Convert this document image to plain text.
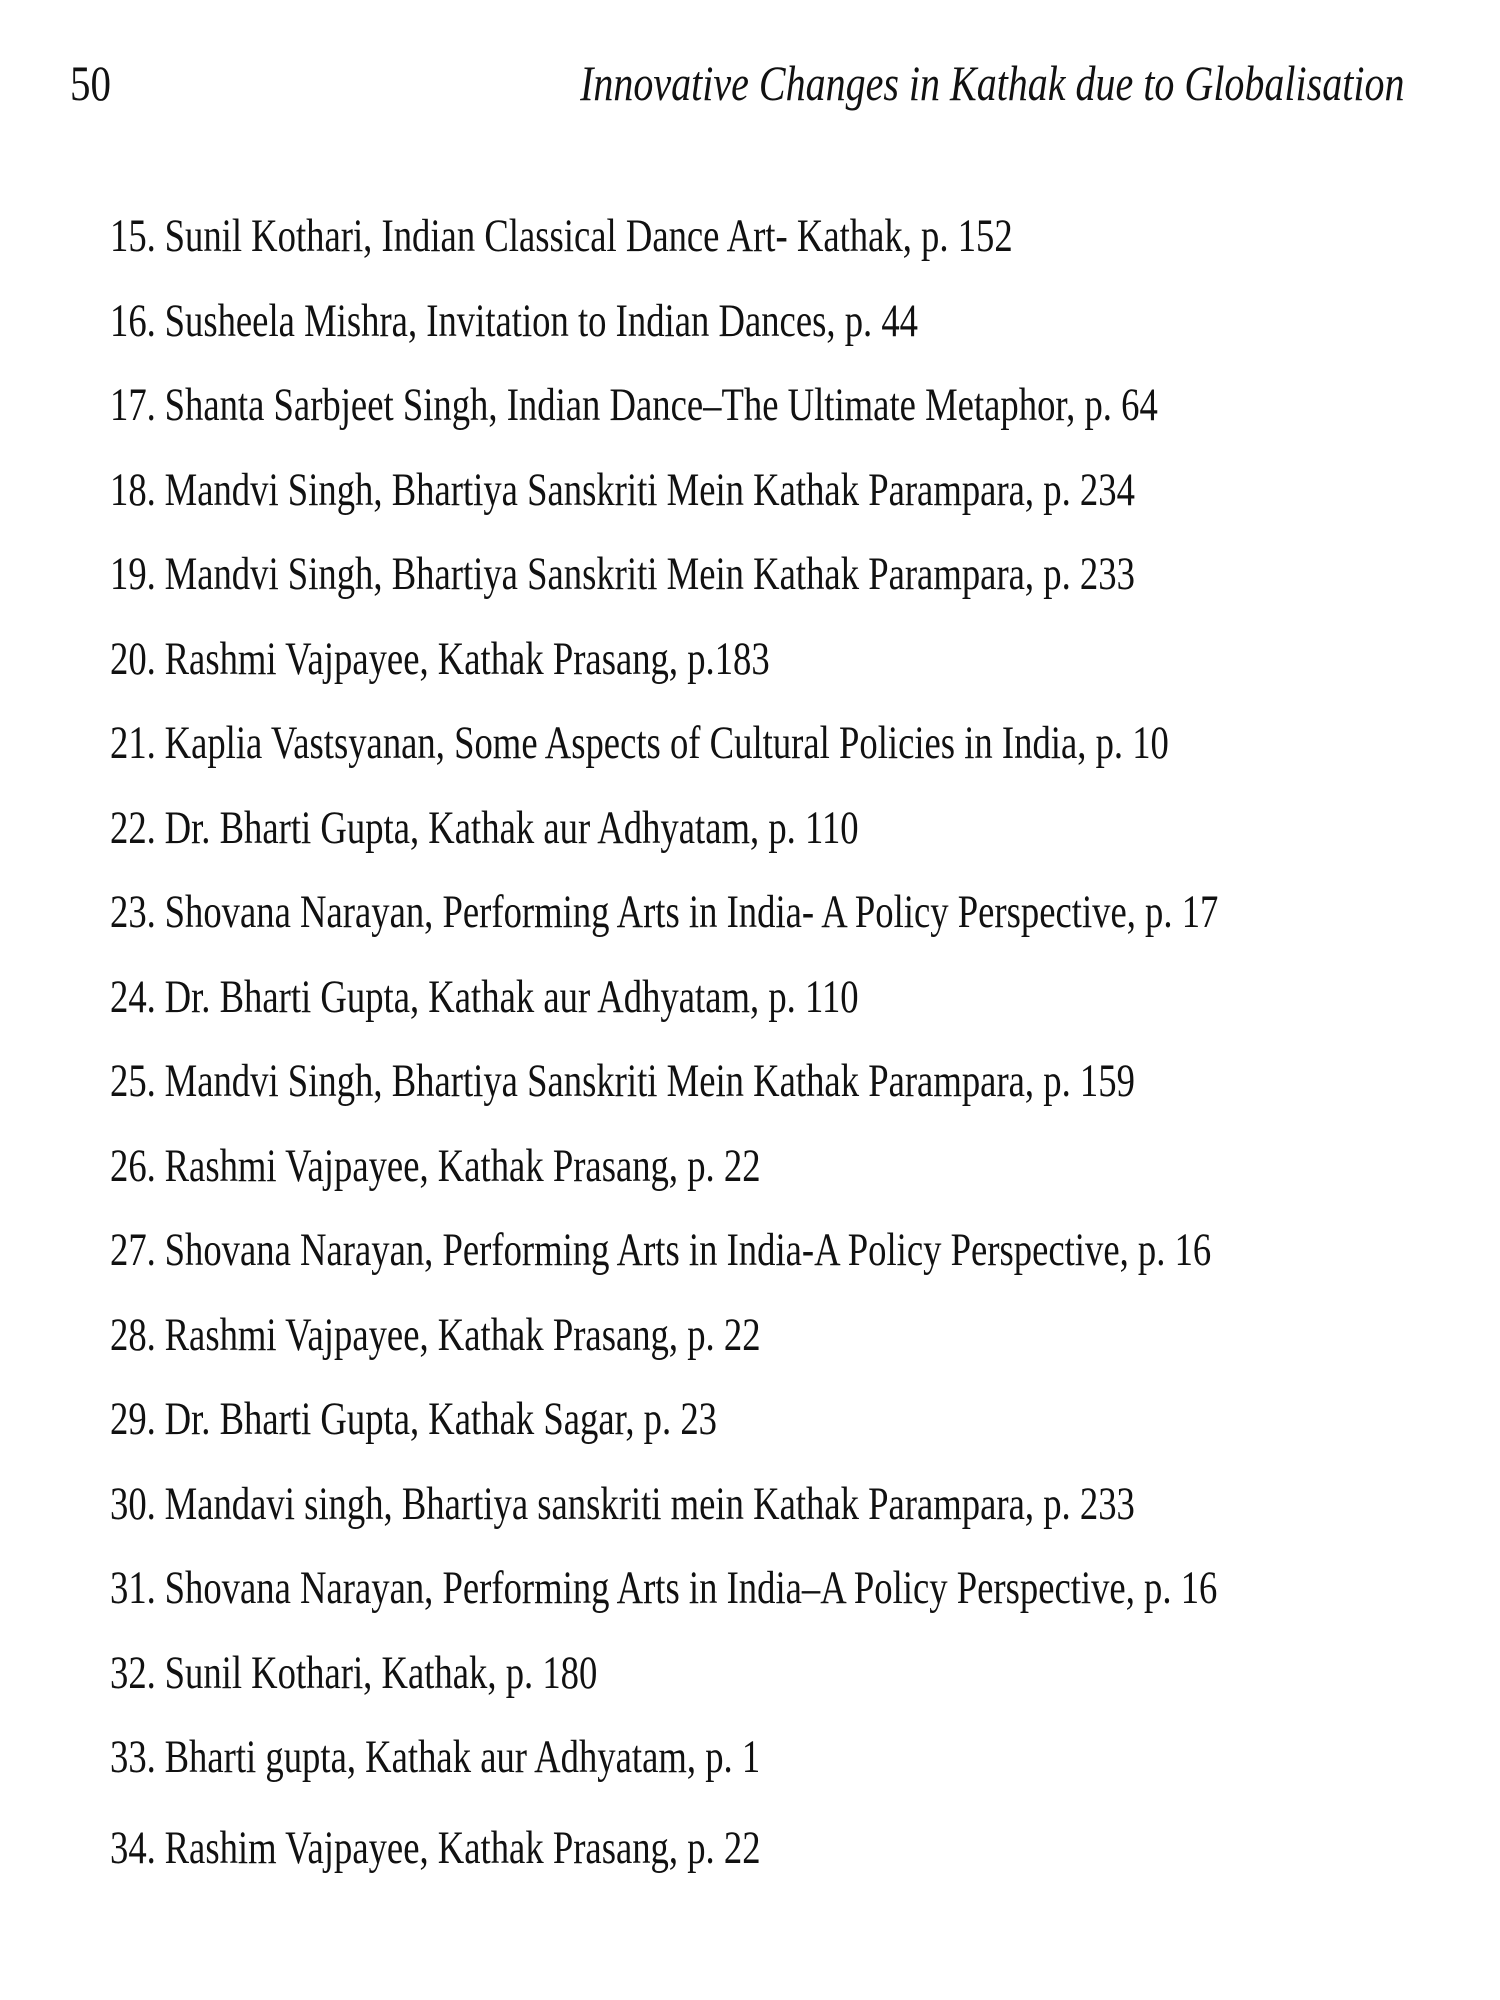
50	Innovative Changes in Kathak due to Globalisation
15. Sunil Kothari, Indian Classical Dance Art- Kathak, p. 152
16. Susheela Mishra, Invitation to Indian Dances, p. 44
17. Shanta Sarbjeet Singh, Indian Dance–The Ultimate Metaphor, p. 64
18. Mandvi Singh, Bhartiya Sanskriti Mein Kathak Parampara, p. 234
19. Mandvi Singh, Bhartiya Sanskriti Mein Kathak Parampara, p. 233
20. Rashmi Vajpayee, Kathak Prasang, p.183
21. Kaplia Vastsyanan, Some Aspects of Cultural Policies in India, p. 10
22. Dr. Bharti Gupta, Kathak aur Adhyatam, p. 110
23. Shovana Narayan, Performing Arts in India- A Policy Perspective, p. 17
24. Dr. Bharti Gupta, Kathak aur Adhyatam, p. 110
25. Mandvi Singh, Bhartiya Sanskriti Mein Kathak Parampara, p. 159
26. Rashmi Vajpayee, Kathak Prasang, p. 22
27. Shovana Narayan, Performing Arts in India-A Policy Perspective, p. 16
28. Rashmi Vajpayee, Kathak Prasang, p. 22
29. Dr. Bharti Gupta, Kathak Sagar, p. 23
30. Mandavi singh, Bhartiya sanskriti mein Kathak Parampara, p. 233
31. Shovana Narayan, Performing Arts in India–A Policy Perspective, p. 16
32. Sunil Kothari, Kathak, p. 180
33. Bharti gupta, Kathak aur Adhyatam, p. 1
34. Rashim Vajpayee, Kathak Prasang, p. 22
